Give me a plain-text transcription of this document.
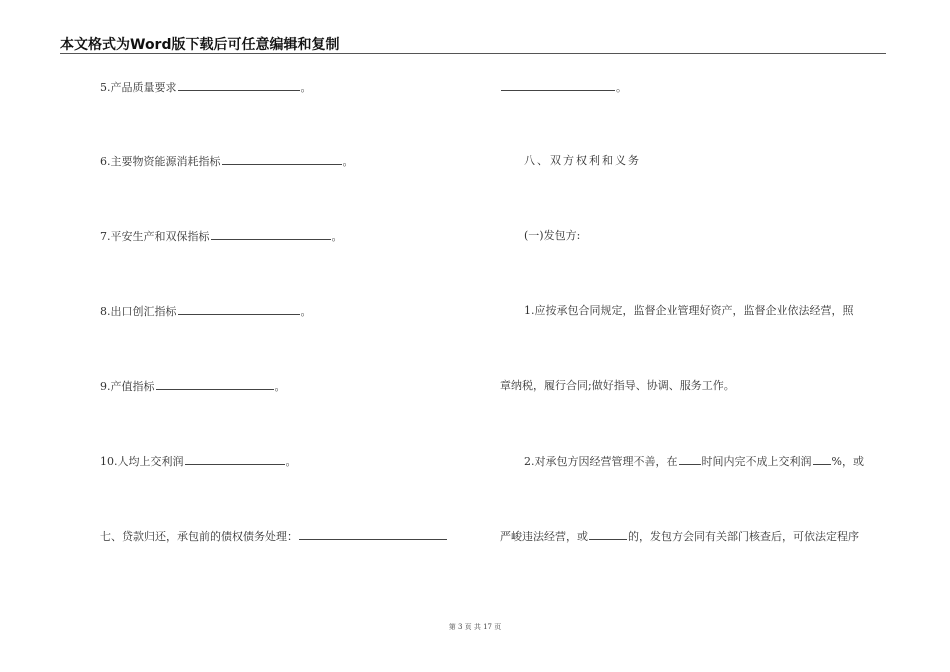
本文格式为Word版下载后可任意编辑和复制
5.产品质量要求	。
6.主要物资能源消耗指标	。
7.平安生产和双保指标	。
8.出口创汇指标	。
9.产值指标	。
10.人均上交利润	。
七、贷款归还，承包前的债权债务处理：
。
八、双方权利和义务
(一)发包方:
1.应按承包合同规定，监督企业管理好资产，监督企业依法经营，照
章纳税，履行合同;做好指导、协调、服务工作。
2.对承包方因经营管理不善，在 时间内完不成上交利润 %，或
严峻违法经营，或	的，发包方会同有关部门核查后，可依法定程序
第 3 页 共 17 页
